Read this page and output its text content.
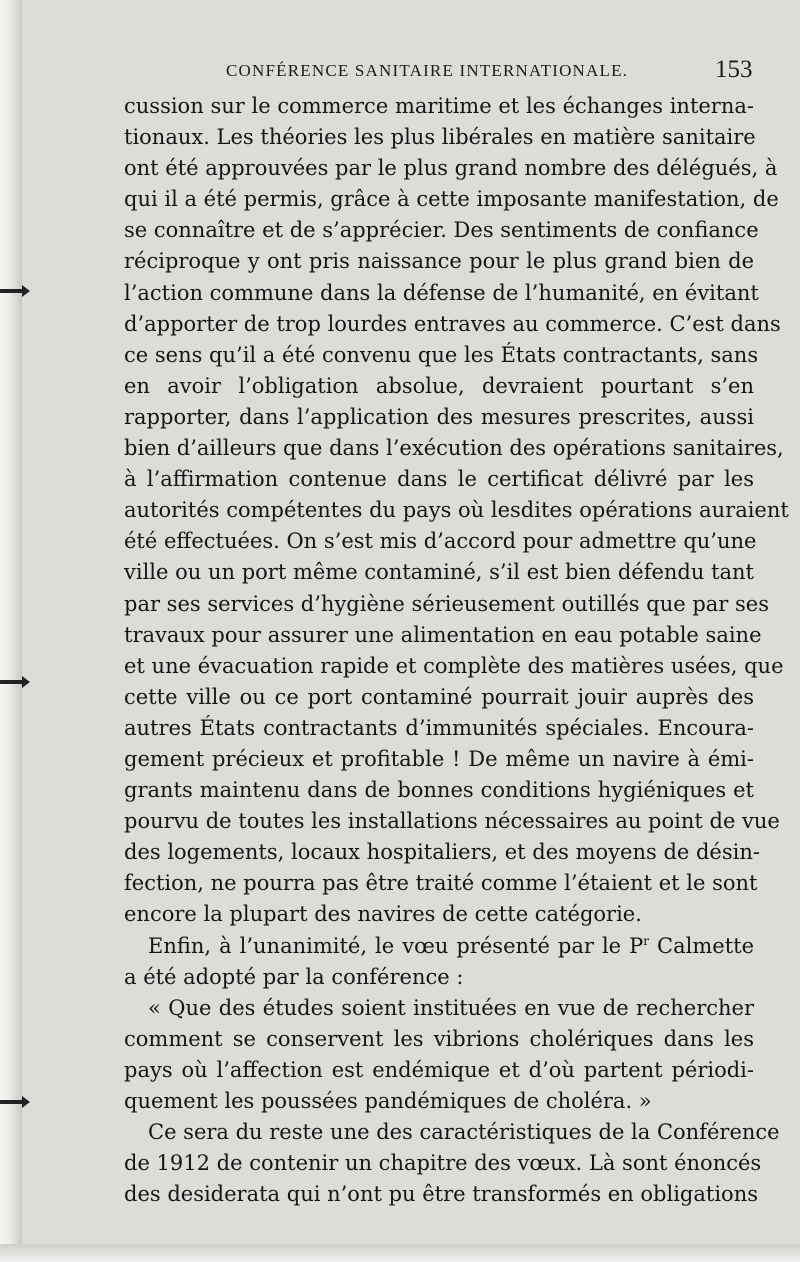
CONFÉRENCE SANITAIRE INTERNATIONALE.	153
cussion sur le commerce maritime et les échanges interna-
tionaux. Les théories les plus libérales en matière sanitaire
ont été approuvées par le plus grand nombre des délégués, à
qui il a été permis, grâce à cette imposante manifestation, de
se connaître et de s’apprécier. Des sentiments de confiance
réciproque y ont pris naissance pour le plus grand bien de
l’action commune dans la défense de l’humanité, en évitant
d’apporter de trop lourdes entraves au commerce. C’est dans
ce sens qu’il a été convenu que les États contractants, sans
en avoir l’obligation absolue, devraient pourtant s’en
rapporter, dans l’application des mesures prescrites, aussi
bien d’ailleurs que dans l’exécution des opérations sanitaires,
à l’affirmation contenue dans le certificat délivré par les
autorités compétentes du pays où lesdites opérations auraient
été effectuées. On s’est mis d’accord pour admettre qu’une
ville ou un port même contaminé, s’il est bien défendu tant
par ses services d’hygiène sérieusement outillés que par ses
travaux pour assurer une alimentation en eau potable saine
et une évacuation rapide et complète des matières usées, que
cette ville ou ce port contaminé pourrait jouir auprès des
autres États contractants d’immunités spéciales. Encoura-
gement précieux et profitable ! De même un navire à émi-
grants maintenu dans de bonnes conditions hygiéniques et
pourvu de toutes les installations nécessaires au point de vue
des logements, locaux hospitaliers, et des moyens de désin-
fection, ne pourra pas être traité comme l’étaient et le sont
encore la plupart des navires de cette catégorie.
Enfin, à l’unanimité, le vœu présenté par le $P^r$ Calmette
a été adopté par la conférence :
« Que des études soient instituées en vue de rechercher
comment se conservent les vibrions cholériques dans les
pays où l’affection est endémique et d’où partent périodi-
quement les poussées pandémiques de choléra. »
Ce sera du reste une des caractéristiques de la Conférence
de 1912 de contenir un chapitre des vœux. Là sont énoncés
des desiderata qui n’ont pu être transformés en obligations
